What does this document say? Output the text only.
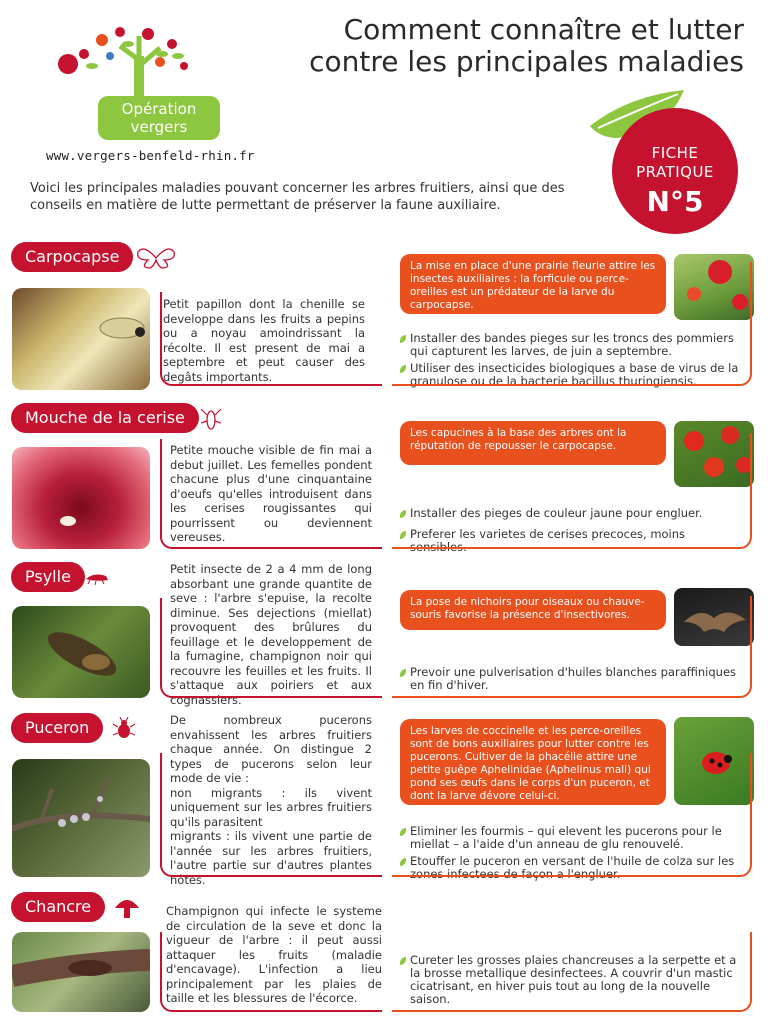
Opération
vergers
www.vergers-benfeld-rhin.fr
Comment connaître et lutter
contre les principales maladies
FICHE
PRATIQUE
N°5
Voici les principales maladies pouvant concerner les arbres fruitiers, ainsi que des conseils en matière de lutte permettant de préserver la faune auxiliaire.
Carpocapse
Petit papillon dont la chenille se developpe dans les fruits a pepins ou a noyau amoindrissant la récolte. Il est present de mai a septembre et peut causer des degâts importants.
La mise en place d'une prairie fleurie attire les insectes auxiliaires : la forficule ou perce-oreilles est un prédateur de la larve du carpocapse.
Installer des bandes pieges sur les troncs des pommiers qui capturent les larves, de juin a septembre.
Utiliser des insecticides biologiques a base de virus de la granulose ou de la bacterie bacillus thuringiensis.
Mouche de la cerise
Petite mouche visible de fin mai a debut juillet. Les femelles pondent chacune plus d'une cinquantaine d'oeufs qu'elles introduisent dans les cerises rougissantes qui pourrissent ou deviennent vereuses.
Les capucines à la base des arbres ont la réputation de repousser le carpocapse.
Installer des pieges de couleur jaune pour engluer.
Preferer les varietes de cerises precoces, moins sensibles.
Psylle	Petit insecte de 2 a 4 mm de long absorbant une grande quantite de seve : l'arbre s'epuise, la recolte diminue. Ses dejections (miellat) provoquent des brûlures du feuillage et le developpement de la fumagine, champignon noir qui recouvre les feuilles et les fruits. Il s'attaque aux poiriers et aux cognassiers.
La pose de nichoirs pour oiseaux ou chauve-souris favorise la présence d'insectivores.
Prevoir une pulverisation d'huiles blanches paraffiniques en fin d'hiver.
Puceron	De nombreux pucerons envahissent les arbres fruitiers chaque année. On distingue 2 types de pucerons selon leur mode de vie :
non migrants : ils vivent uniquement sur les arbres fruitiers qu'ils parasitent
migrants : ils vivent une partie de l'année sur les arbres fruitiers, l'autre partie sur d'autres plantes hôtes.
Les larves de coccinelle et les perce-oreilles sont de bons auxiliaires pour lutter contre les pucerons. Cultiver de la phacélie attire une petite guêpe Aphelinidae (Aphelinus mali) qui pond ses œufs dans le corps d'un puceron, et dont la larve dévore celui-ci.
Eliminer les fourmis – qui elevent les pucerons pour le miellat – a l'aide d'un anneau de glu renouvelé.
Etouffer le puceron en versant de l'huile de colza sur les zones infectees de façon a l'engluer.
Chancre	Champignon qui infecte le systeme de circulation de la seve et donc la vigueur de l'arbre : il peut aussi attaquer les fruits (maladie d'encavage). L'infection a lieu principalement par les plaies de taille et les blessures de l'écorce.
Cureter les grosses plaies chancreuses a la serpette et a la brosse metallique desinfectees. A couvrir d'un mastic cicatrisant, en hiver puis tout au long de la nouvelle saison.
